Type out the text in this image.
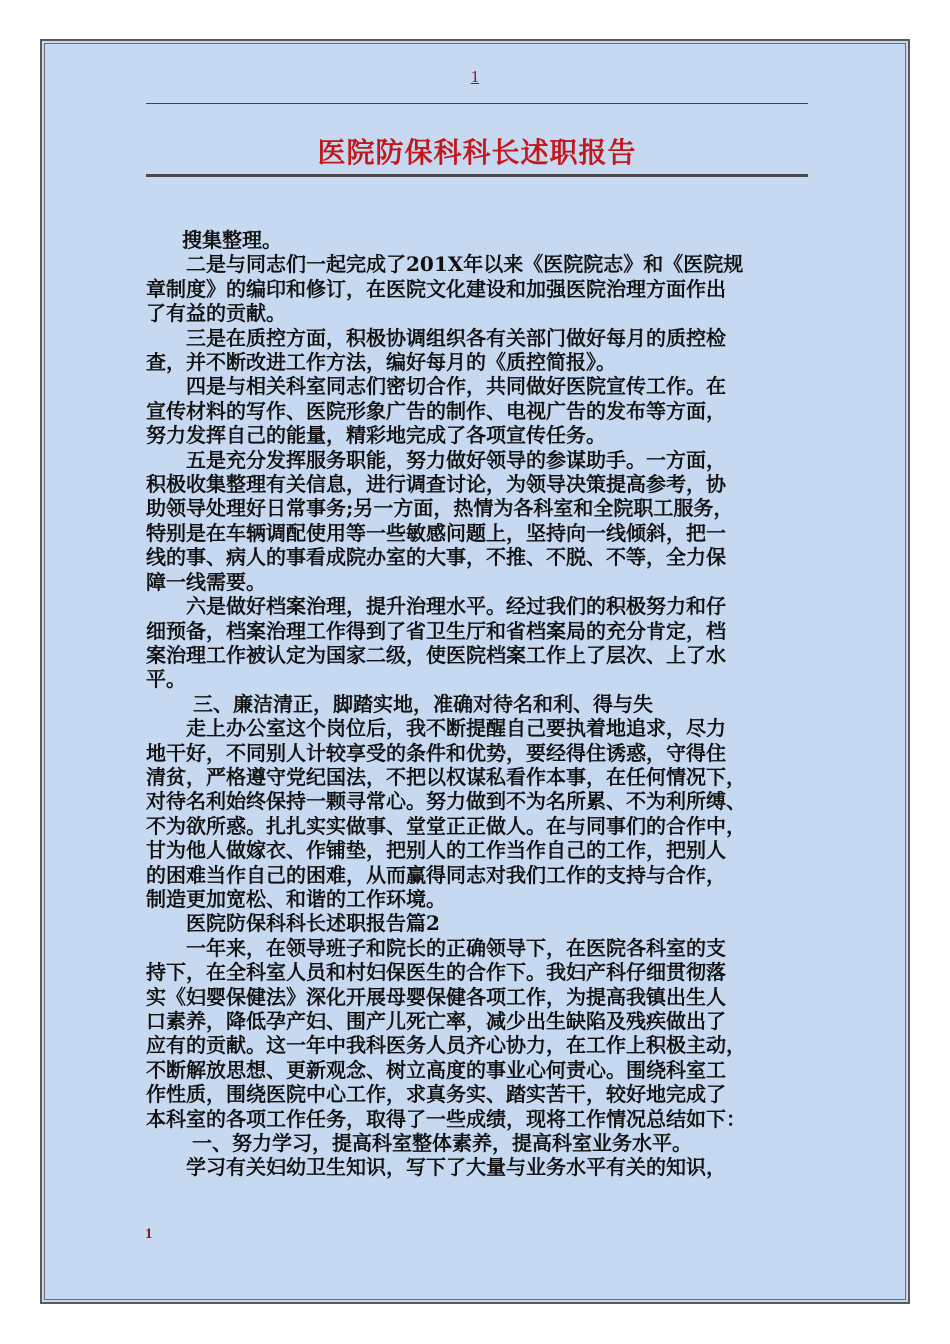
1
医院防保科科长述职报告

搜集整理。

二是与同志们一起完成了201X年以来《医院院志》和《医院规

章制度》的编印和修订，在医院文化建设和加强医院治理方面作出

了有益的贡献。

三是在质控方面，积极协调组织各有关部门做好每月的质控检

查，并不断改进工作方法，编好每月的《质控简报》。

四是与相关科室同志们密切合作，共同做好医院宣传工作。在

宣传材料的写作、医院形象广告的制作、电视广告的发布等方面，

努力发挥自己的能量，精彩地完成了各项宣传任务。

五是充分发挥服务职能，努力做好领导的参谋助手。一方面，

积极收集整理有关信息，进行调查讨论，为领导决策提高参考，协

助领导处理好日常事务;另一方面，热情为各科室和全院职工服务，

特别是在车辆调配使用等一些敏感问题上，坚持向一线倾斜，把一

线的事、病人的事看成院办室的大事，不推、不脱、不等，全力保

障一线需要。

六是做好档案治理，提升治理水平。经过我们的积极努力和仔

细预备，档案治理工作得到了省卫生厅和省档案局的充分肯定，档

案治理工作被认定为国家二级，使医院档案工作上了层次、上了水

平。

三、廉洁清正，脚踏实地，准确对待名和利、得与失

走上办公室这个岗位后，我不断提醒自己要执着地追求，尽力

地干好，不同别人计较享受的条件和优势，要经得住诱惑，守得住

清贫，严格遵守党纪国法，不把以权谋私看作本事，在任何情况下，

对待名利始终保持一颗寻常心。努力做到不为名所累、不为利所缚、

不为欲所惑。扎扎实实做事、堂堂正正做人。在与同事们的合作中，

甘为他人做嫁衣、作铺垫，把别人的工作当作自己的工作，把别人

的困难当作自己的困难，从而赢得同志对我们工作的支持与合作，

制造更加宽松、和谐的工作环境。

医院防保科科长述职报告篇2

一年来，在领导班子和院长的正确领导下，在医院各科室的支

持下，在全科室人员和村妇保医生的合作下。我妇产科仔细贯彻落

实《妇婴保健法》深化开展母婴保健各项工作，为提高我镇出生人

口素养，降低孕产妇、围产儿死亡率，减少出生缺陷及残疾做出了

应有的贡献。这一年中我科医务人员齐心协力，在工作上积极主动，

不断解放思想、更新观念、树立高度的事业心何责心。围绕科室工

作性质，围绕医院中心工作，求真务实、踏实苦干，较好地完成了

本科室的各项工作任务，取得了一些成绩，现将工作情况总结如下：

一、努力学习，提高科室整体素养，提高科室业务水平。

学习有关妇幼卫生知识，写下了大量与业务水平有关的知识，

1
